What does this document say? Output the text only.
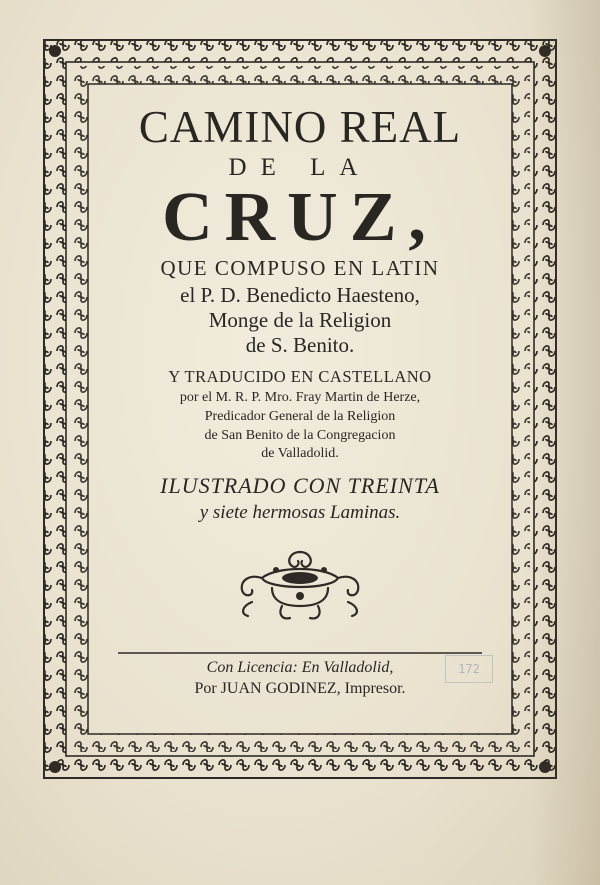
CAMINO REAL
DE LA
CRUZ,
QUE COMPUSO EN LATIN
el P. D. Benedicto Haesteno,
Monge de la Religion
de S. Benito.
Y TRADUCIDO EN CASTELLANO
por el M. R. P. Mro. Fray Martin de Herze,
Predicador General de la Religion
de San Benito de la Congregacion
de Valladolid.
ILUSTRADO CON TREINTA
y siete hermosas Laminas.
Con Licencia: En Valladolid,
Por JUAN GODINEZ, Impresor.
172
